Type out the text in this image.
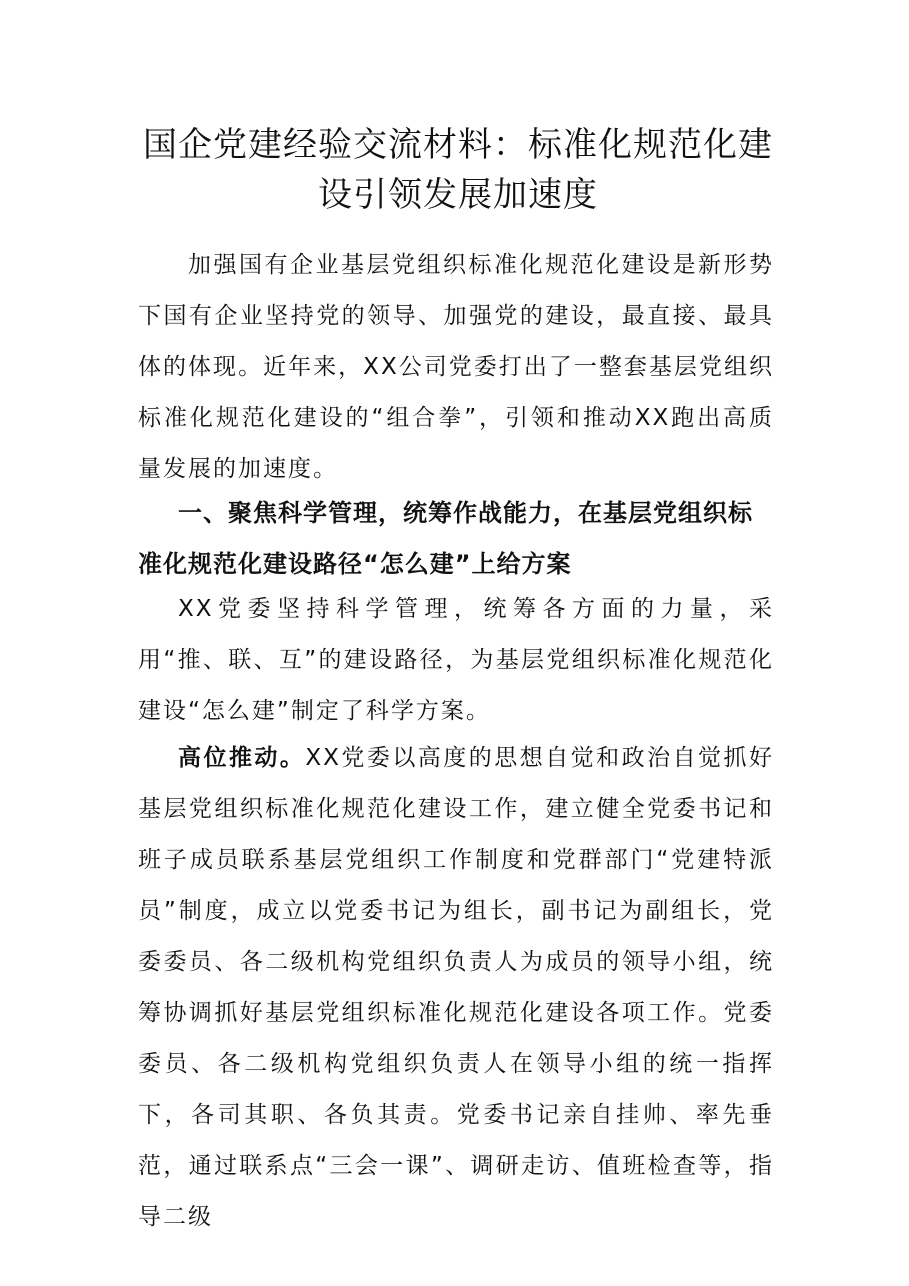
国企党建经验交流材料：标准化规范化建
设引领发展加速度

加强国有企业基层党组织标准化规范化建设是新形势下国有企业坚持党的领导、加强党的建设，最直接、最具体的体现。近年来，XX公司党委打出了一整套基层党组织标准化规范化建设的“组合拳”，引领和推动XX跑出高质量发展的加速度。

一、聚焦科学管理，统筹作战能力，在基层党组织标准化规范化建设路径“怎么建”上给方案

XX党委坚持科学管理，统筹各方面的力量，采用“推、联、互”的建设路径，为基层党组织标准化规范化建设“怎么建”制定了科学方案。

高位推动。XX党委以高度的思想自觉和政治自觉抓好基层党组织标准化规范化建设工作，建立健全党委书记和班子成员联系基层党组织工作制度和党群部门“党建特派员”制度，成立以党委书记为组长，副书记为副组长，党委委员、各二级机构党组织负责人为成员的领导小组，统筹协调抓好基层党组织标准化规范化建设各项工作。党委委员、各二级机构党组织负责人在领导小组的统一指挥下，各司其职、各负其责。党委书记亲自挂帅、率先垂范，通过联系点“三会一课”、调研走访、值班检查等，指导二级
